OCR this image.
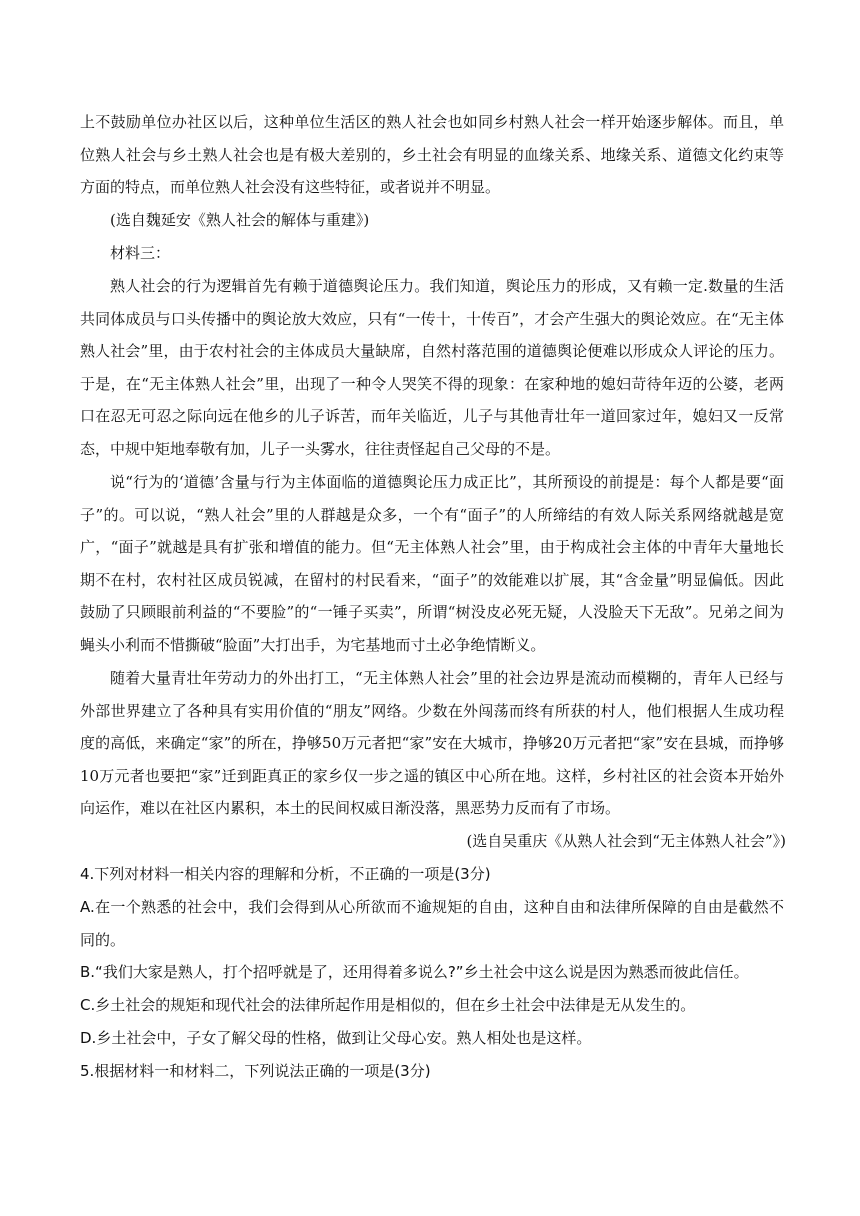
上不鼓励单位办社区以后，这种单位生活区的熟人社会也如同乡村熟人社会一样开始逐步解体。而且，单位熟人社会与乡土熟人社会也是有极大差别的，乡土社会有明显的血缘关系、地缘关系、道德文化约束等方面的特点，而单位熟人社会没有这些特征，或者说并不明显。

(选自魏延安《熟人社会的解体与重建》)

材料三：

熟人社会的行为逻辑首先有赖于道德舆论压力。我们知道，舆论压力的形成，又有赖一定.数量的生活共同体成员与口头传播中的舆论放大效应，只有“一传十，十传百”，才会产生强大的舆论效应。在“无主体熟人社会”里，由于农村社会的主体成员大量缺席，自然村落范围的道德舆论便难以形成众人评论的压力。于是，在“无主体熟人社会”里，出现了一种令人哭笑不得的现象：在家种地的媳妇苛待年迈的公婆，老两口在忍无可忍之际向远在他乡的儿子诉苦，而年关临近，儿子与其他青壮年一道回家过年，媳妇又一反常态，中规中矩地奉敬有加，儿子一头雾水，往往责怪起自己父母的不是。

说“行为的‘道德’含量与行为主体面临的道德舆论压力成正比”，其所预设的前提是：每个人都是要“面子”的。可以说，“熟人社会”里的人群越是众多，一个有“面子”的人所缔结的有效人际关系网络就越是宽广，“面子”就越是具有扩张和增值的能力。但“无主体熟人社会”里，由于构成社会主体的中青年大量地长期不在村，农村社区成员锐减，在留村的村民看来，“面子”的效能难以扩展，其“含金量”明显偏低。因此鼓励了只顾眼前利益的“不要脸”的“一锤子买卖”，所谓“树没皮必死无疑，人没脸天下无敌”。兄弟之间为蝇头小利而不惜撕破“脸面”大打出手，为宅基地而寸土必争绝情断义。

随着大量青壮年劳动力的外出打工，“无主体熟人社会”里的社会边界是流动而模糊的，青年人已经与外部世界建立了各种具有实用价值的“朋友”网络。少数在外闯荡而终有所获的村人，他们根据人生成功程度的高低，来确定“家”的所在，挣够50万元者把“家”安在大城市，挣够20万元者把“家”安在县城，而挣够10万元者也要把“家”迁到距真正的家乡仅一步之遥的镇区中心所在地。这样，乡村社区的社会资本开始外向运作，难以在社区内累积，本土的民间权威日渐没落，黑恶势力反而有了市场。

(选自吴重庆《从熟人社会到“无主体熟人社会”》)

4.下列对材料一相关内容的理解和分析，不正确的一项是(3分)

A.在一个熟悉的社会中，我们会得到从心所欲而不逾规矩的自由，这种自由和法律所保障的自由是截然不同的。

B.“我们大家是熟人，打个招呼就是了，还用得着多说么?”乡土社会中这么说是因为熟悉而彼此信任。

C.乡土社会的规矩和现代社会的法律所起作用是相似的，但在乡土社会中法律是无从发生的。

D.乡土社会中，子女了解父母的性格，做到让父母心安。熟人相处也是这样。

5.根据材料一和材料二，下列说法正确的一项是(3分)
